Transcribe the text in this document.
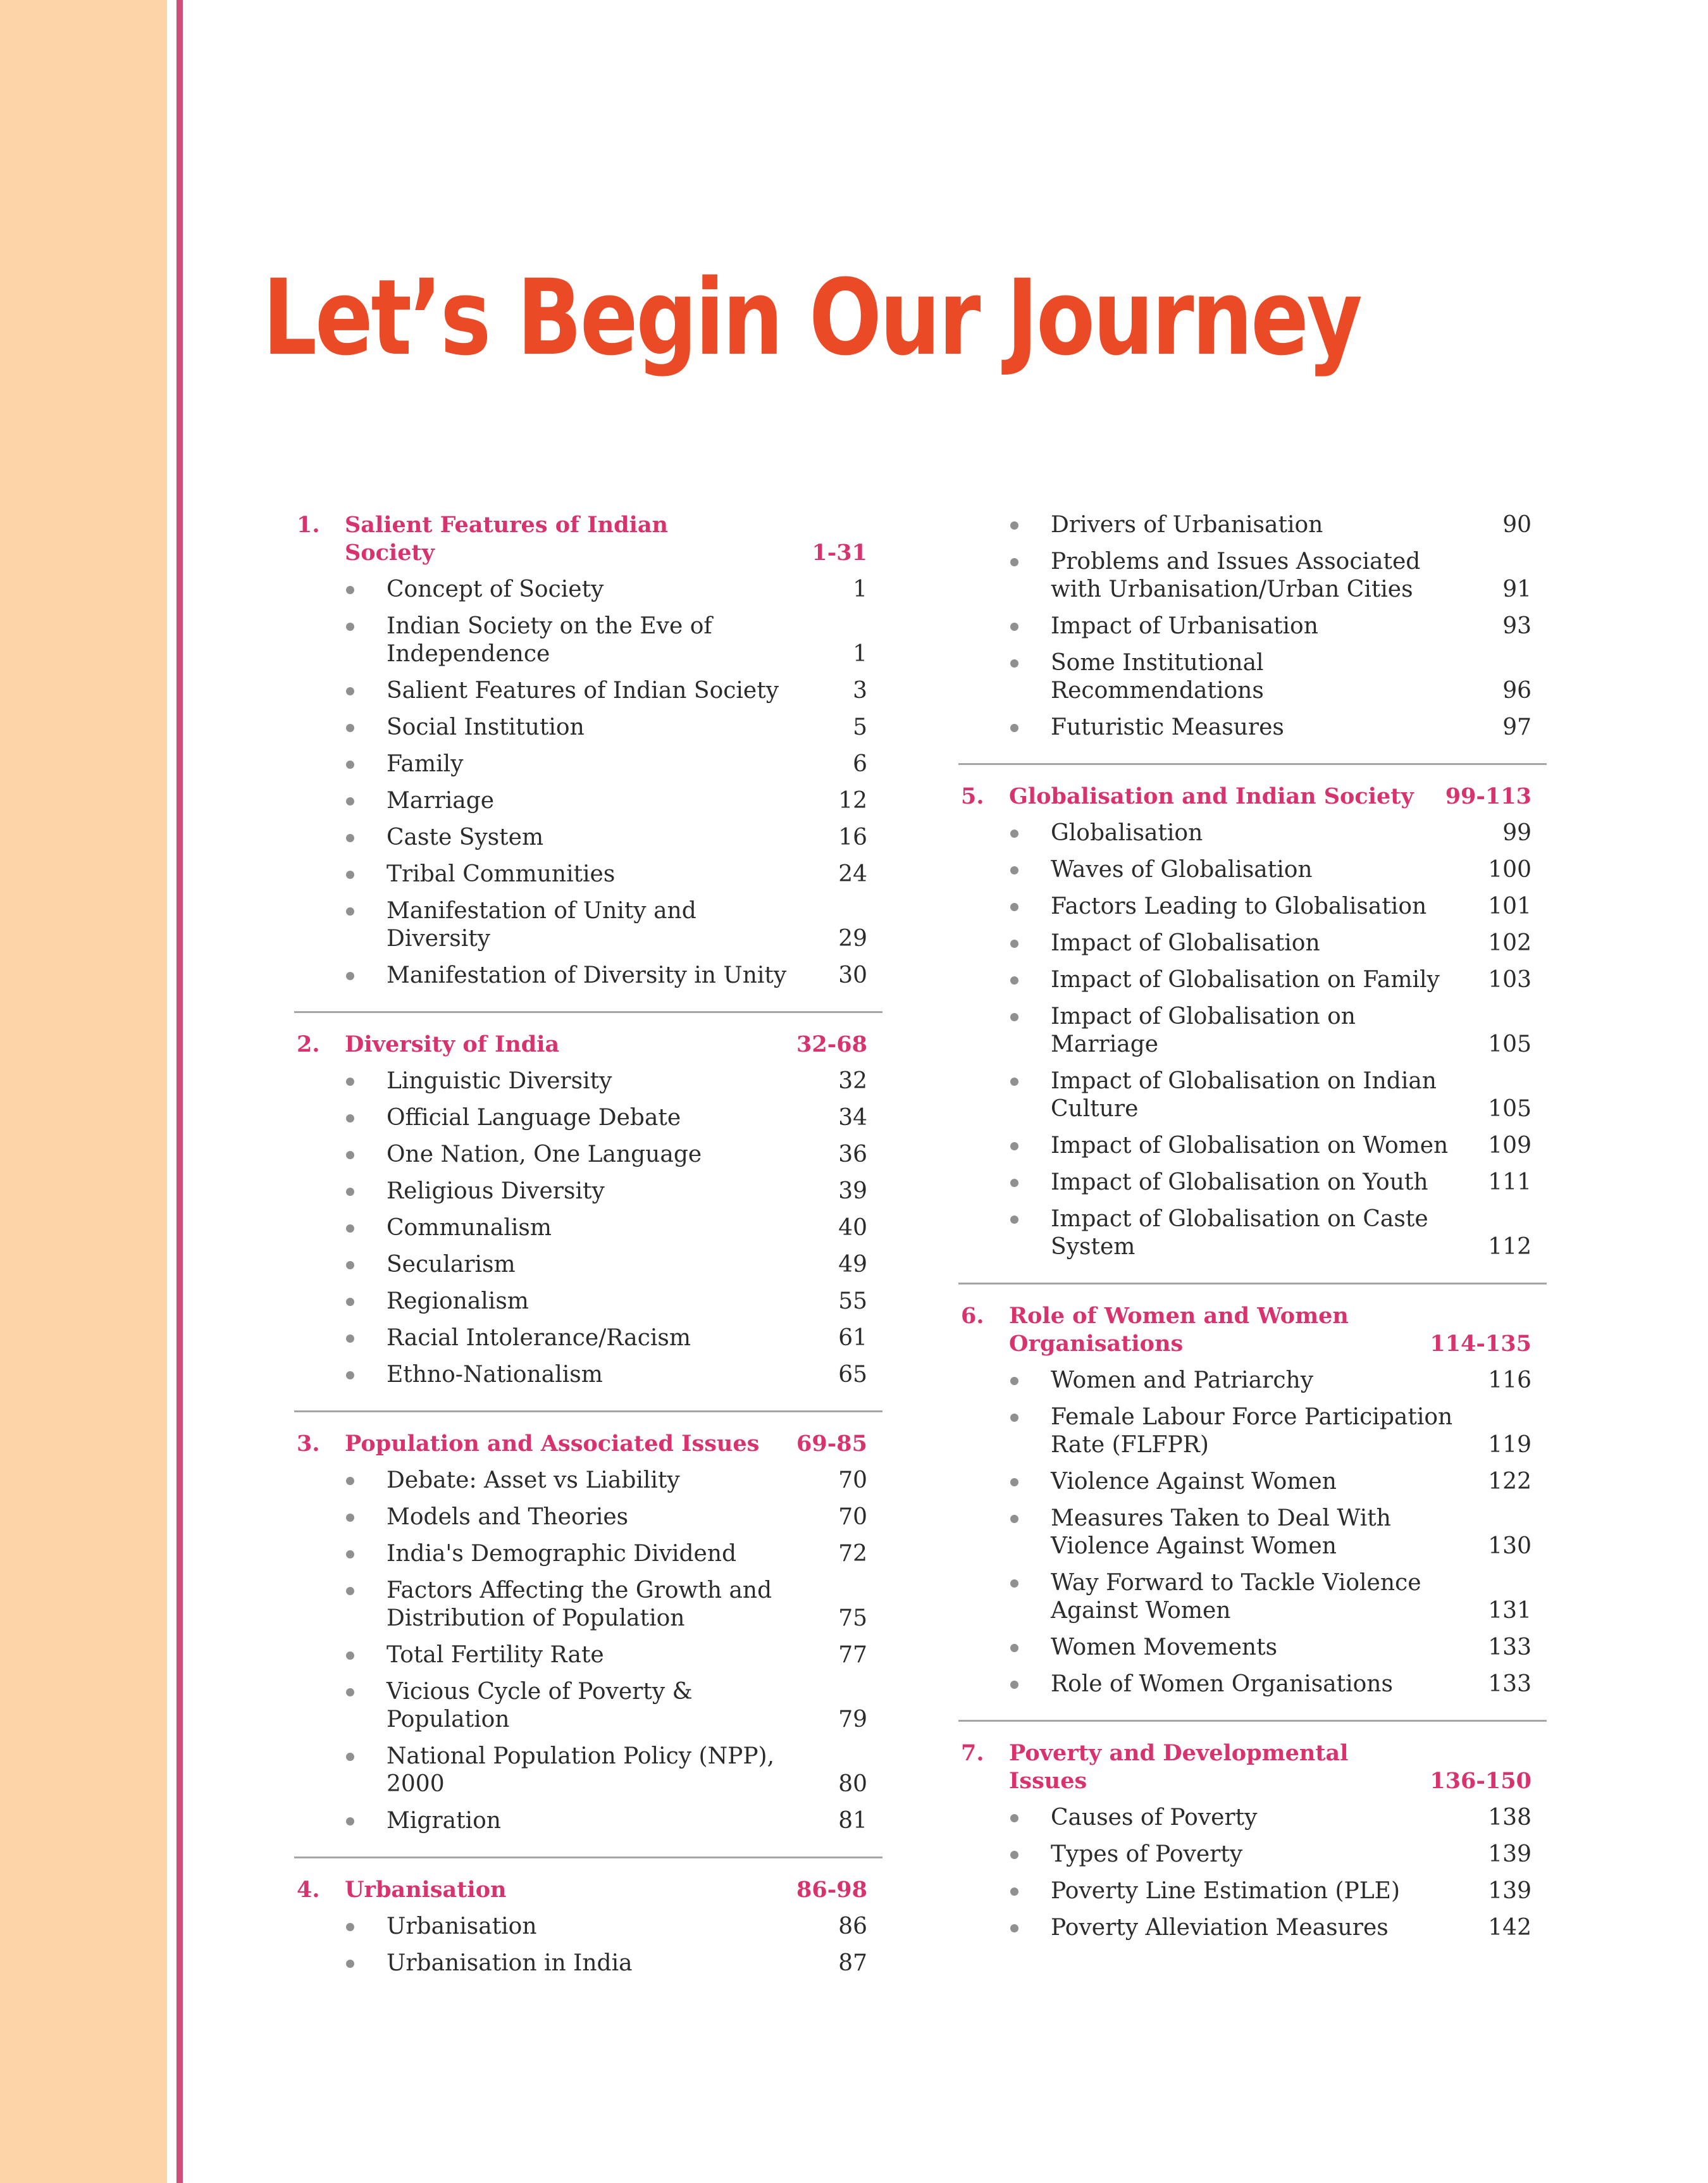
Let’s Begin Our Journey
1.	Salient Features of Indian Society	1-31
Concept of Society	1
Indian Society on the Eve of Independence	1
Salient Features of Indian Society	3
Social Institution	5
Family	6
Marriage	12
Caste System	16
Tribal Communities	24
Manifestation of Unity and Diversity	29
Manifestation of Diversity in Unity 30
2.	Diversity of India	32-68
Linguistic Diversity	32
Official Language Debate	34
One Nation, One Language	36
Religious Diversity	39
Communalism	40
Secularism	49
Regionalism	55
Racial Intolerance/Racism	61
Ethno-Nationalism	65
3.	Population and Associated Issues	69-85
Debate: Asset vs Liability	70
Models and Theories	70
India's Demographic Dividend	72
Factors Affecting the Growth and Distribution of Population	75
Total Fertility Rate	77
Vicious Cycle of Poverty & Population	79
National Population Policy (NPP), 2000	80
Migration	81
4.	Urbanisation	86-98
Urbanisation	86
Urbanisation in India	87
Drivers of Urbanisation	90
Problems and Issues Associated with Urbanisation/Urban Cities	91
Impact of Urbanisation	93
Some Institutional Recommendations	96
Futuristic Measures	97
5.	Globalisation and Indian Society	99-113
Globalisation	99
Waves of Globalisation	100
Factors Leading to Globalisation	101
Impact of Globalisation	102
Impact of Globalisation on Family 103
Impact of Globalisation on Marriage	105
Impact of Globalisation on Indian Culture	105
Impact of Globalisation on Women 109
Impact of Globalisation on Youth	111
Impact of Globalisation on Caste System	112
6.	Role of Women and Women Organisations	114-135
Women and Patriarchy	116
Female Labour Force Participation Rate (FLFPR)	119
Violence Against Women	122
Measures Taken to Deal With Violence Against Women	130
Way Forward to Tackle Violence Against Women	131
Women Movements	133
Role of Women Organisations	133
7.	Poverty and Developmental Issues	136-150
Causes of Poverty	138
Types of Poverty	139
Poverty Line Estimation (PLE)	139
Poverty Alleviation Measures	142
